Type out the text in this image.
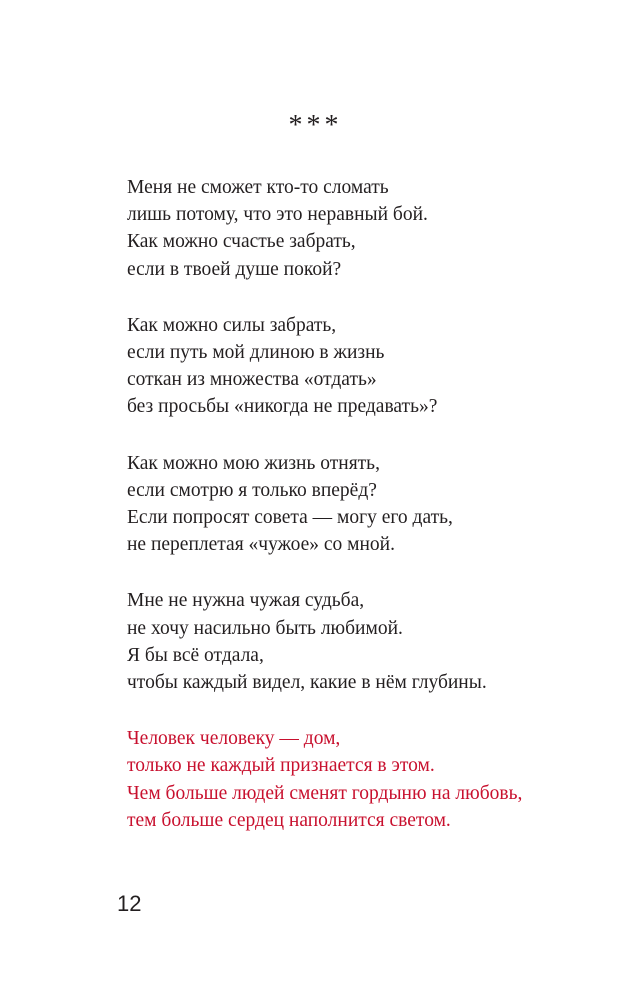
***
Меня не сможет кто-то сломать
лишь потому, что это неравный бой.
Как можно счастье забрать,
если в твоей душе покой?
Как можно силы забрать,
если путь мой длиною в жизнь
соткан из множества «отдать»
без просьбы «никогда не предавать»?
Как можно мою жизнь отнять,
если смотрю я только вперёд?
Если попросят совета — могу его дать,
не переплетая «чужое» со мной.
Мне не нужна чужая судьба,
не хочу насильно быть любимой.
Я бы всё отдала,
чтобы каждый видел, какие в нём глубины.
Человек человеку — дом,
только не каждый признается в этом.
Чем больше людей сменят гордыню на любовь,
тем больше сердец наполнится светом.
12
